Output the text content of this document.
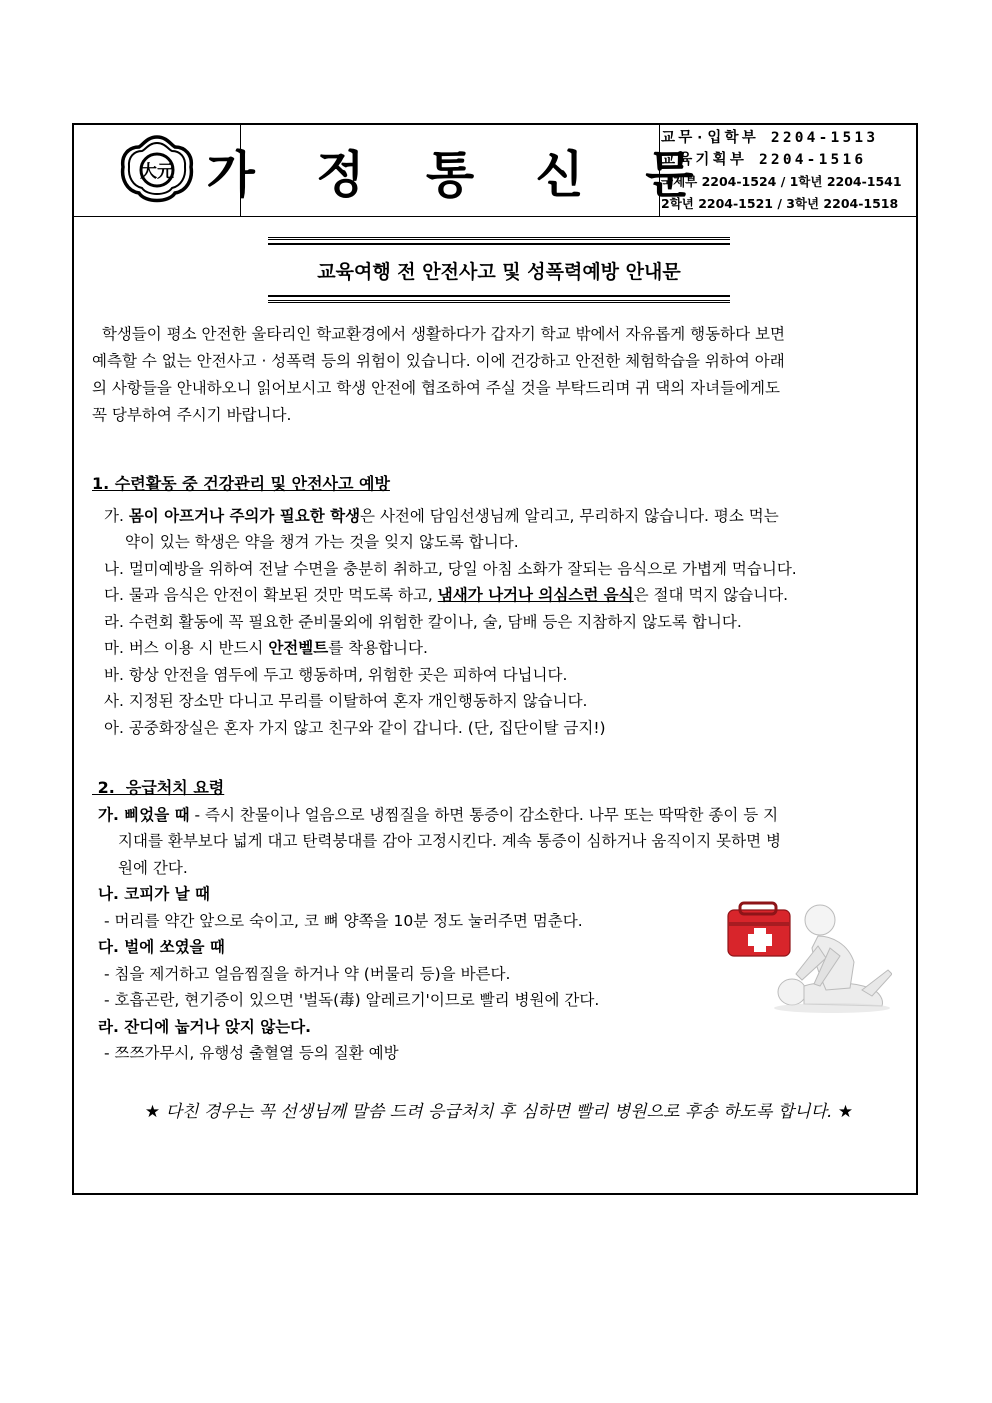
大元 가 정 통 신 문
교무·입학부 2204-1513
교육기획부 2204-1516
국제부 2204-1524 / 1학년 2204-1541
2학년 2204-1521 / 3학년 2204-1518
교육여행 전 안전사고 및 성폭력예방 안내문
학생들이 평소 안전한 울타리인 학교환경에서 생활하다가 갑자기 학교 밖에서 자유롭게 행동하다 보면
예측할 수 없는 안전사고 · 성폭력 등의 위험이 있습니다. 이에 건강하고 안전한 체험학습을 위하여 아래
의 사항들을 안내하오니 읽어보시고 학생 안전에 협조하여 주실 것을 부탁드리며 귀 댁의 자녀들에게도
꼭 당부하여 주시기 바랍니다.
1. 수련활동 중 건강관리 및 안전사고 예방
가. 몸이 아프거나 주의가 필요한 학생은 사전에 담임선생님께 알리고, 무리하지 않습니다. 평소 먹는
약이 있는 학생은 약을 챙겨 가는 것을 잊지 않도록 합니다.
나. 멀미예방을 위하여 전날 수면을 충분히 취하고, 당일 아침 소화가 잘되는 음식으로 가볍게 먹습니다.
다. 물과 음식은 안전이 확보된 것만 먹도록 하고, 냄새가 나거나 의심스런 음식은 절대 먹지 않습니다.
라. 수련회 활동에 꼭 필요한 준비물외에 위험한 칼이나, 술, 담배 등은 지참하지 않도록 합니다.
마. 버스 이용 시 반드시 안전벨트를 착용합니다.
바. 항상 안전을 염두에 두고 행동하며, 위험한 곳은 피하여 다닙니다.
사. 지정된 장소만 다니고 무리를 이탈하여 혼자 개인행동하지 않습니다.
아. 공중화장실은 혼자 가지 않고 친구와 같이 갑니다. (단, 집단이탈 금지!)
2.  응급처치 요령
가. 삐었을 때 - 즉시 찬물이나 얼음으로 냉찜질을 하면 통증이 감소한다. 나무 또는 딱딱한 종이 등 지
지대를 환부보다 넓게 대고 탄력붕대를 감아 고정시킨다. 계속 통증이 심하거나 움직이지 못하면 병
원에 간다.
나. 코피가 날 때
- 머리를 약간 앞으로 숙이고, 코 뼈 양쪽을 10분 정도 눌러주면 멈춘다.
다. 벌에 쏘였을 때
- 침을 제거하고 얼음찜질을 하거나 약 (버물리 등)을 바른다.
- 호흡곤란, 현기증이 있으면 '벌독(毒) 알레르기'이므로 빨리 병원에 간다.
라. 잔디에 눕거나 앉지 않는다.
- 쯔쯔가무시, 유행성 출혈열 등의 질환 예방
★ 다친 경우는 꼭 선생님께 말씀 드려 응급처치 후 심하면 빨리 병원으로 후송 하도록 합니다. ★
